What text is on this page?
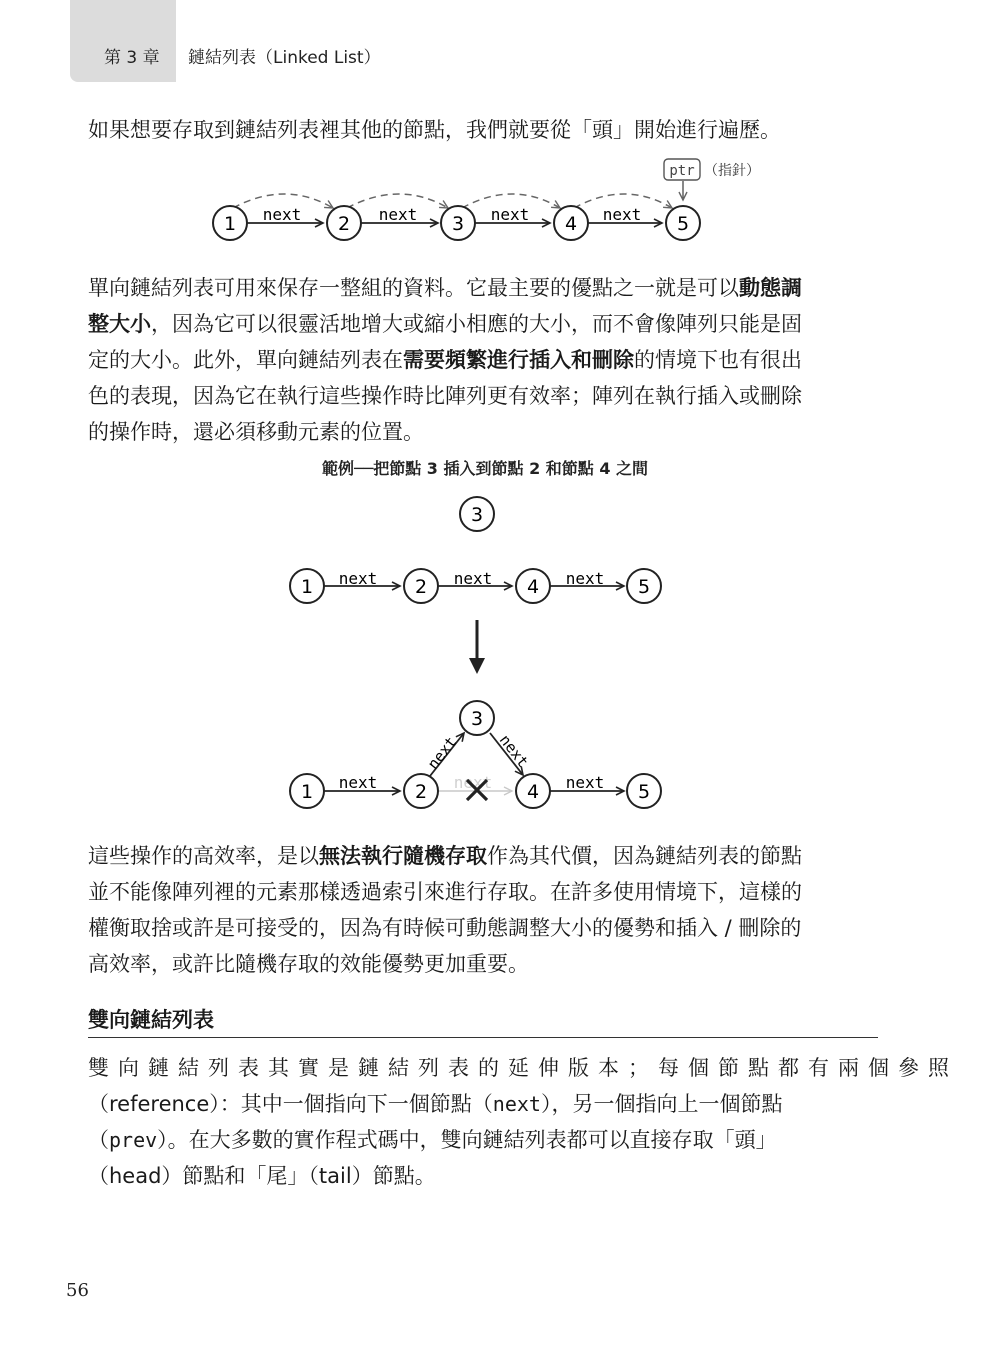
第 3 章 鏈結列表（Linked List）

如果想要存取到鏈結列表裡其他的節點，我們就要從「頭」開始進行遍歷。

next	next	next	next
1	2	3	4	5
ptr （指針）

單向鏈結列表可用來保存一整組的資料。它最主要的優點之一就是可以動態調
整大小，因為它可以很靈活地增大或縮小相應的大小，而不會像陣列只能是固
定的大小。此外，單向鏈結列表在需要頻繁進行插入和刪除的情境下也有很出
色的表現，因為它在執行這些操作時比陣列更有效率；陣列在執行插入或刪除
的操作時，還必須移動元素的位置。

範例──把節點 3 插入到節點 2 和節點 4 之間
3
next	next	next
1	2	4	5
3
next next
next	next	next
1	2	4	5

這些操作的高效率，是以無法執行隨機存取作為其代價，因為鏈結列表的節點
並不能像陣列裡的元素那樣透過索引來進行存取。在許多使用情境下，這樣的
權衡取捨或許是可接受的，因為有時候可動態調整大小的優勢和插入 / 刪除的
高效率，或許比隨機存取的效能優勢更加重要。

雙向鏈結列表

雙向鏈結列表其實是鏈結列表的延伸版本；每個節點都有兩個參照
（reference）：其中一個指向下一個節點（next），另一個指向上一個節點
（prev）。在大多數的實作程式碼中，雙向鏈結列表都可以直接存取「頭」
（head）節點和「尾」（tail）節點。

56
